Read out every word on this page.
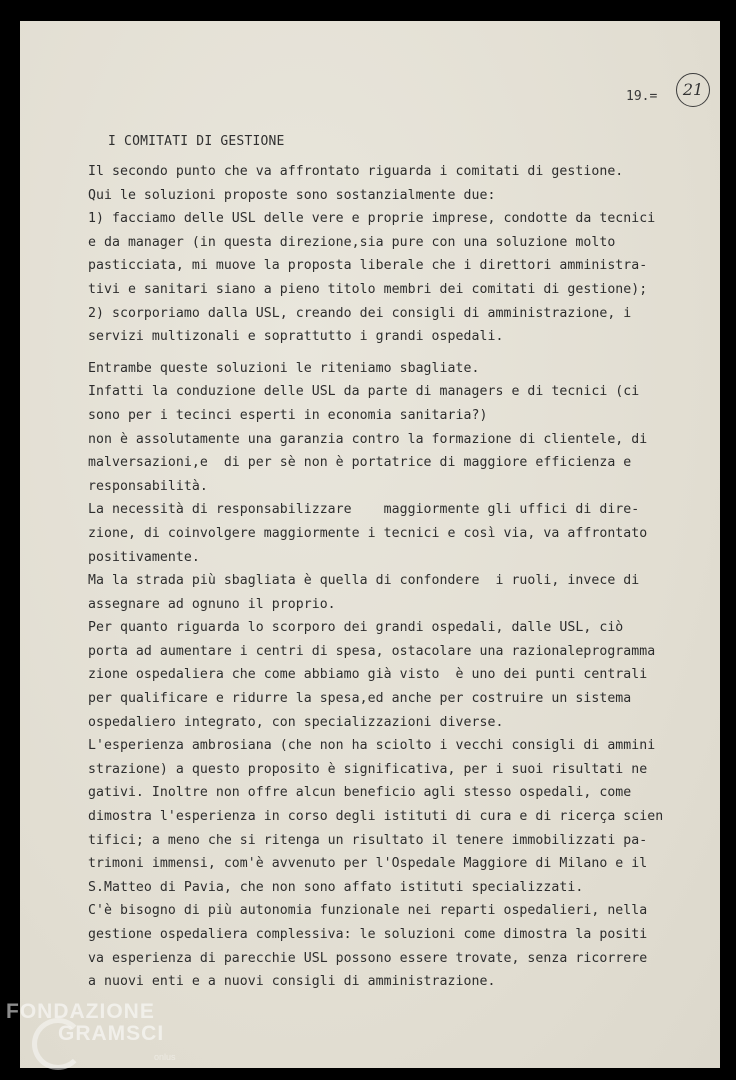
19.=	21
I COMITATI DI GESTIONE
Il secondo punto che va affrontato riguarda i comitati di gestione.
Qui le soluzioni proposte sono sostanzialmente due:
1) facciamo delle USL delle vere e proprie imprese, condotte da tecnici
e da manager (in questa direzione,sia pure con una soluzione molto
pasticciata, mi muove la proposta liberale che i direttori amministra-
tivi e sanitari siano a pieno titolo membri dei comitati di gestione);
2) scorporiamo dalla USL, creando dei consigli di amministrazione, i
servizi multizonali e soprattutto i grandi ospedali.
Entrambe queste soluzioni le riteniamo sbagliate.
Infatti la conduzione delle USL da parte di managers e di tecnici (ci
sono per i tecinci esperti in economia sanitaria?)
non è assolutamente una garanzia contro la formazione di clientele, di
malversazioni,e  di per sè non è portatrice di maggiore efficienza e
responsabilità.
La necessità di responsabilizzare    maggiormente gli uffici di dire-
zione, di coinvolgere maggiormente i tecnici e così via, va affrontato
positivamente.
Ma la strada più sbagliata è quella di confondere  i ruoli, invece di
assegnare ad ognuno il proprio.
Per quanto riguarda lo scorporo dei grandi ospedali, dalle USL, ciò
porta ad aumentare i centri di spesa, ostacolare una razionaleprogramma
zione ospedaliera che come abbiamo già visto  è uno dei punti centrali
per qualificare e ridurre la spesa,ed anche per costruire un sistema
ospedaliero integrato, con specializzazioni diverse.
L'esperienza ambrosiana (che non ha sciolto i vecchi consigli di ammini
strazione) a questo proposito è significativa, per i suoi risultati ne
gativi. Inoltre non offre alcun beneficio agli stesso ospedali, come
dimostra l'esperienza in corso degli istituti di cura e di ricerça scien
tifici; a meno che si ritenga un risultato il tenere immobilizzati pa-
trimoni immensi, com'è avvenuto per l'Ospedale Maggiore di Milano e il
S.Matteo di Pavia, che non sono affato istituti specializzati.
C'è bisogno di più autonomia funzionale nei reparti ospedalieri, nella
gestione ospedaliera complessiva: le soluzioni come dimostra la positi
va esperienza di parecchie USL possono essere trovate, senza ricorrere
a nuovi enti e a nuovi consigli di amministrazione.
FONDAZIONE
GRAMSCI
onlus
